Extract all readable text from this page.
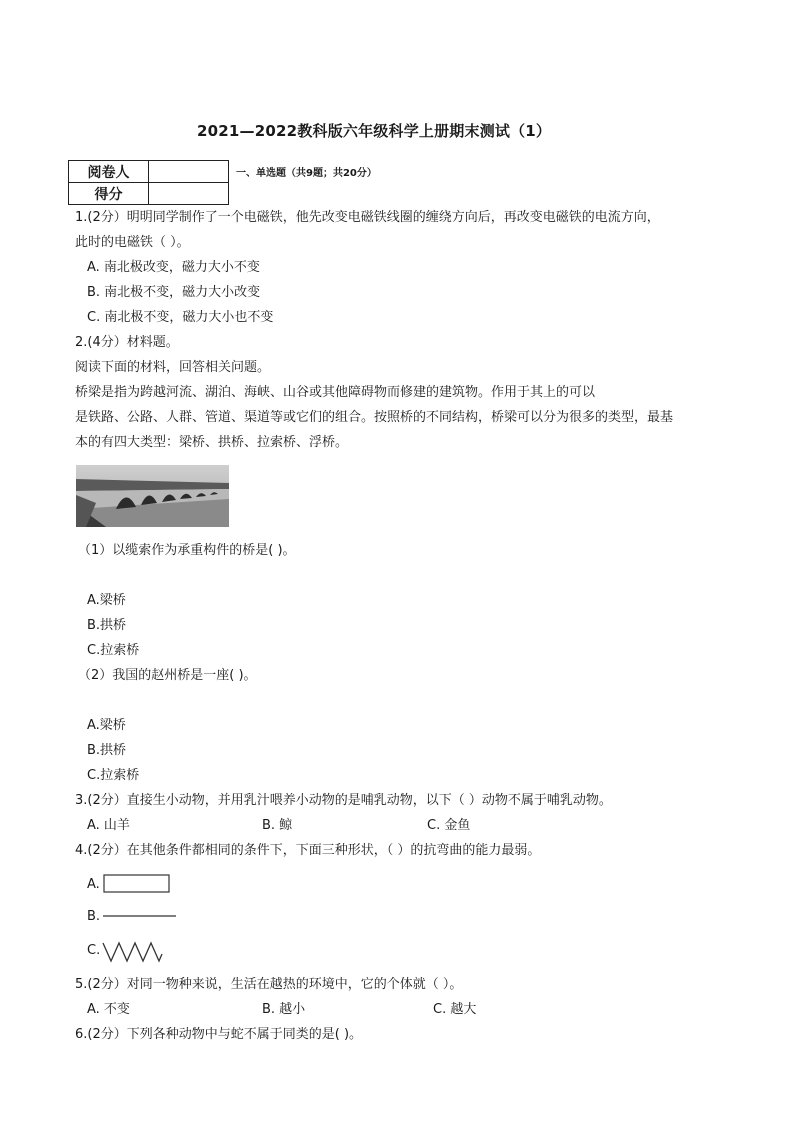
2021—2022教科版六年级科学上册期末测试（1）
阅卷人	
得分	
一、单选题（共9题；共20分）
1.(2分）明明同学制作了一个电磁铁，他先改变电磁铁线圈的缠绕方向后，再改变电磁铁的电流方向，
此时的电磁铁（ ）。
A. 南北极改变，磁力大小不变
B. 南北极不变，磁力大小改变
C. 南北极不变，磁力大小也不变
2.(4分）材料题。
阅读下面的材料，回答相关问题。
桥梁是指为跨越河流、湖泊、海峡、山谷或其他障碍物而修建的建筑物。作用于其上的可以
是铁路、公路、人群、管道、渠道等或它们的组合。按照桥的不同结构，桥梁可以分为很多的类型，最基
本的有四大类型：梁桥、拱桥、拉索桥、浮桥。
（1）以缆索作为承重构件的桥是( )。
A.梁桥
B.拱桥
C.拉索桥
（2）我国的赵州桥是一座( )。
A.梁桥
B.拱桥
C.拉索桥
3.(2分）直接生小动物，并用乳汁喂养小动物的是哺乳动物，以下（ ）动物不属于哺乳动物。
A. 山羊	B. 鲸	C. 金鱼
4.(2分）在其他条件都相同的条件下，下面三种形状，（ ）的抗弯曲的能力最弱。
A.
B.
C.
5.(2分）对同一物种来说，生活在越热的环境中，它的个体就（ ）。
A. 不变	B. 越小	C. 越大
6.(2分）下列各种动物中与蛇不属于同类的是( )。
